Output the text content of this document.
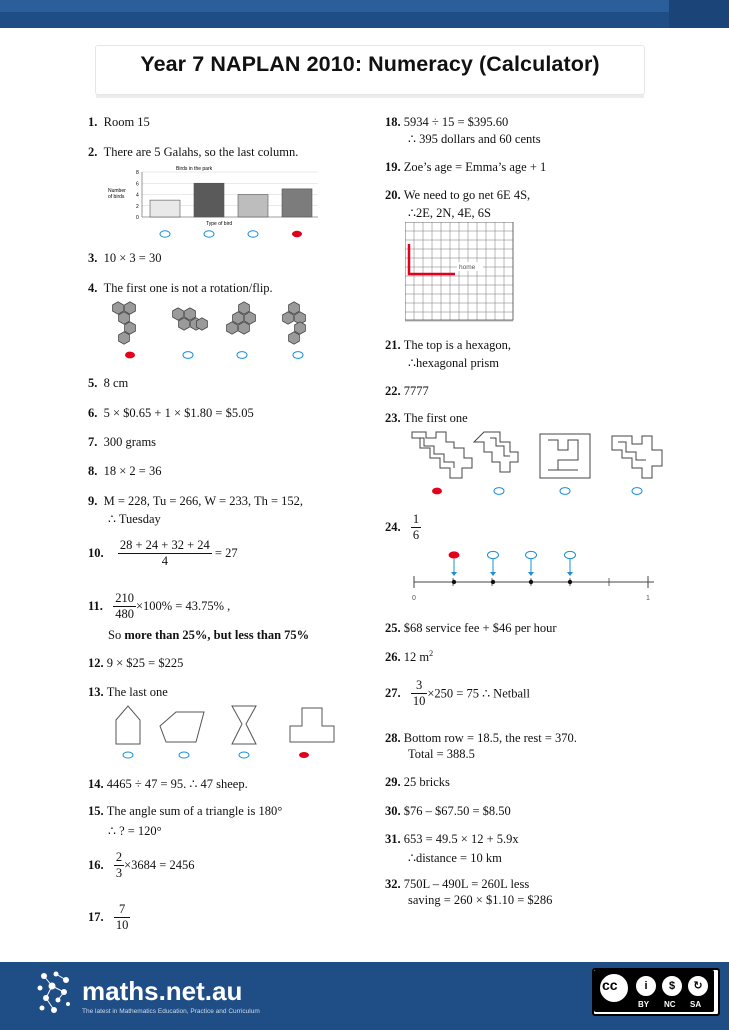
Year 7 NAPLAN 2010: Numeracy (Calculator)
1. Room 15
2. There are 5 Galahs, so the last column.
Birds in the park
Number
of birds
8
6
4
2
0
Type of bird
3. 10 × 3 = 30
4. The first one is not a rotation/flip.
5. 8 cm
6. 5 × $0.65 + 1 × $1.80 = $5.05
7. 300 grams
8. 18 × 2 = 36
9. M = 228, Tu = 266, W = 233, Th = 152,
∴ Tuesday
10. $\frac{28 + 24 + 32 + 24}{4} = 27$
11. $\frac{210}{480} \times 100\% = 43.75\%$ ,
So more than 25%, but less than 75%
12. 9 × $25 = $225
13. The last one
14. 4465 ÷ 47 = 95. ∴ 47 sheep.
15. The angle sum of a triangle is 180°
∴ ? = 120°
16. $\frac{2}{3} \times 3684 = 2456$
17. $\frac{7}{10}$
18. 5934 ÷ 15 = $395.60
∴ 395 dollars and 60 cents
19. Zoe’s age = Emma’s age + 1
20. We need to go net 6E 4S,
∴2E, 2N, 4E, 6S
home
21. The top is a hexagon,
∴hexagonal prism
22. 7777
23. The first one
24. $\frac{1}{6}$
0	1
25. $68 service fee + $46 per hour
26. 12 $m^2$
27. $\frac{3}{10} \times 250 = 75$ ∴ Netball
28. Bottom row = 18.5, the rest = 370.
Total = 388.5
29. 25 bricks
30. $76 – $67.50 = $8.50
31. 653 = 49.5 × 12 + 5.9x
∴distance = 10 km
32. 750L – 490L = 260L less
saving = 260 × $1.10 = $286
maths.net.au
The latest in Mathematics Education, Practice and Curriculum
cc	i	$	↻
BY NC SA
